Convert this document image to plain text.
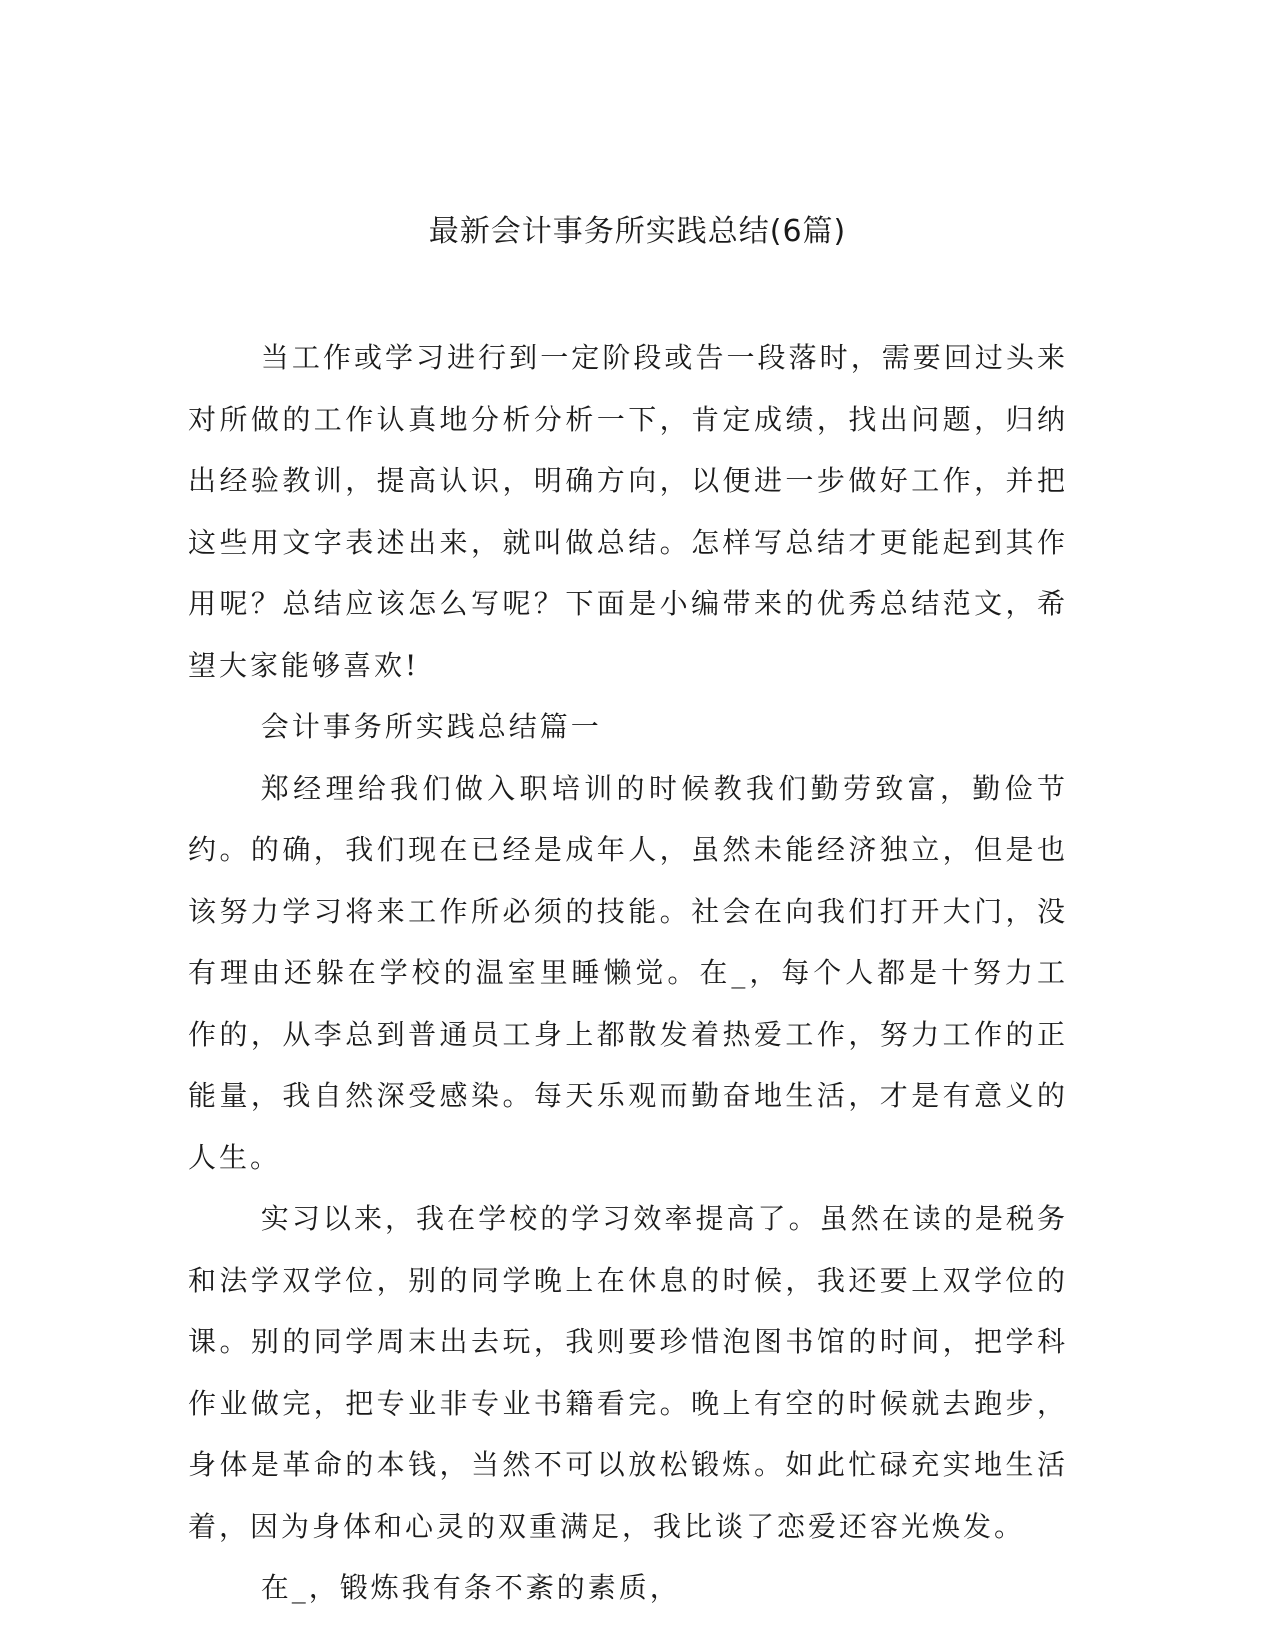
最新会计事务所实践总结(6篇)

当工作或学习进行到一定阶段或告一段落时，需要回过头来对所做的工作认真地分析分析一下，肯定成绩，找出问题，归纳出经验教训，提高认识，明确方向，以便进一步做好工作，并把这些用文字表述出来，就叫做总结。怎样写总结才更能起到其作用呢？总结应该怎么写呢？下面是小编带来的优秀总结范文，希望大家能够喜欢!

会计事务所实践总结篇一

郑经理给我们做入职培训的时候教我们勤劳致富，勤俭节约。的确，我们现在已经是成年人，虽然未能经济独立，但是也该努力学习将来工作所必须的技能。社会在向我们打开大门，没有理由还躲在学校的温室里睡懒觉。在_，每个人都是十努力工作的，从李总到普通员工身上都散发着热爱工作，努力工作的正能量，我自然深受感染。每天乐观而勤奋地生活，才是有意义的人生。

实习以来，我在学校的学习效率提高了。虽然在读的是税务和法学双学位，别的同学晚上在休息的时候，我还要上双学位的课。别的同学周末出去玩，我则要珍惜泡图书馆的时间，把学科作业做完，把专业非专业书籍看完。晚上有空的时候就去跑步，身体是革命的本钱，当然不可以放松锻炼。如此忙碌充实地生活着，因为身体和心灵的双重满足，我比谈了恋爱还容光焕发。

在_，锻炼我有条不紊的素质，
